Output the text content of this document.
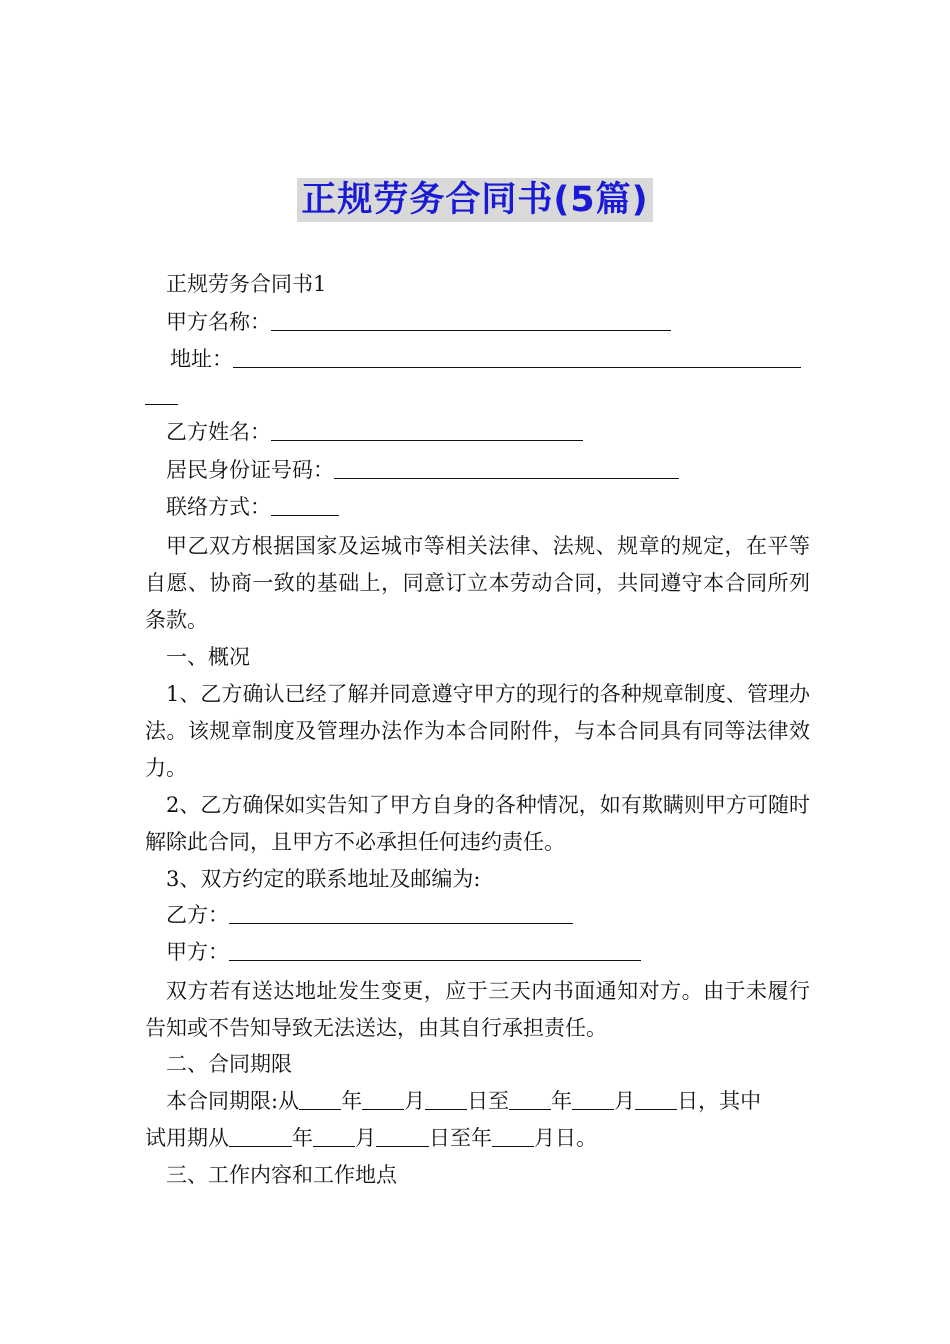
正规劳务合同书(5篇)
正规劳务合同书1
甲方名称：
地址：
乙方姓名：
居民身份证号码：
联络方式：
甲乙双方根据国家及运城市等相关法律、法规、规章的规定，在平等自愿、协商一致的基础上，同意订立本劳动合同，共同遵守本合同所列条款。
一、概况
1、乙方确认已经了解并同意遵守甲方的现行的各种规章制度、管理办法。该规章制度及管理办法作为本合同附件，与本合同具有同等法律效力。
2、乙方确保如实告知了甲方自身的各种情况，如有欺瞒则甲方可随时解除此合同，且甲方不必承担任何违约责任。
3、双方约定的联系地址及邮编为:
乙方：
甲方：
双方若有送达地址发生变更，应于三天内书面通知对方。由于未履行告知或不告知导致无法送达，由其自行承担责任。
二、合同期限
本合同期限:从 年 月 日至 年 月 日，其中
试用期从	年 月	日至年 月日。
三、工作内容和工作地点
